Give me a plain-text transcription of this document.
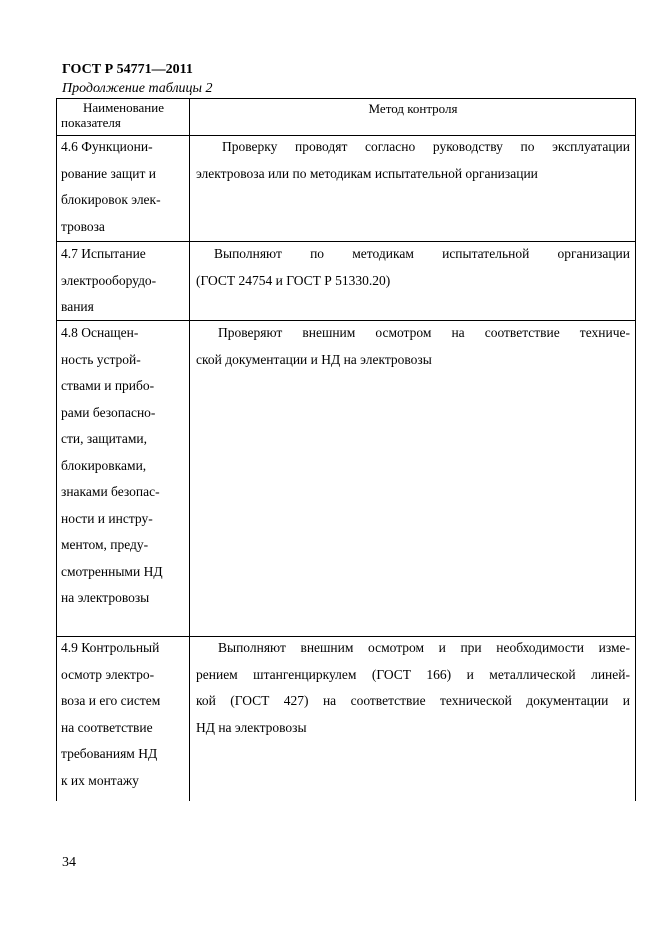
ГОСТ Р 54771—2011
Продолжение таблицы 2
Наименование
показателя
Метод контроля
4.6 Функциони-
рование защит и
блокировок элек-
тровоза
Проверку проводят согласно руководству по эксплуатации
электровоза или по методикам испытательной организации
4.7 Испытание
электрооборудо-
вания
Выполняют по методикам испытательной организации
(ГОСТ 24754 и ГОСТ Р 51330.20)
4.8 Оснащен-
ность устрой-
ствами и прибо-
рами безопасно-
сти, защитами,
блокировками,
знаками безопас-
ности и инстру-
ментом, преду-
смотренными НД
на электровозы
Проверяют внешним осмотром на соответствие техниче-
ской документации и НД на электровозы
4.9 Контрольный
осмотр электро-
воза и его систем
на соответствие
требованиям НД
к их монтажу
Выполняют внешним осмотром и при необходимости изме-
рением штангенциркулем (ГОСТ 166) и металлической линей-
кой (ГОСТ 427) на соответствие технической документации и
НД на электровозы
34
